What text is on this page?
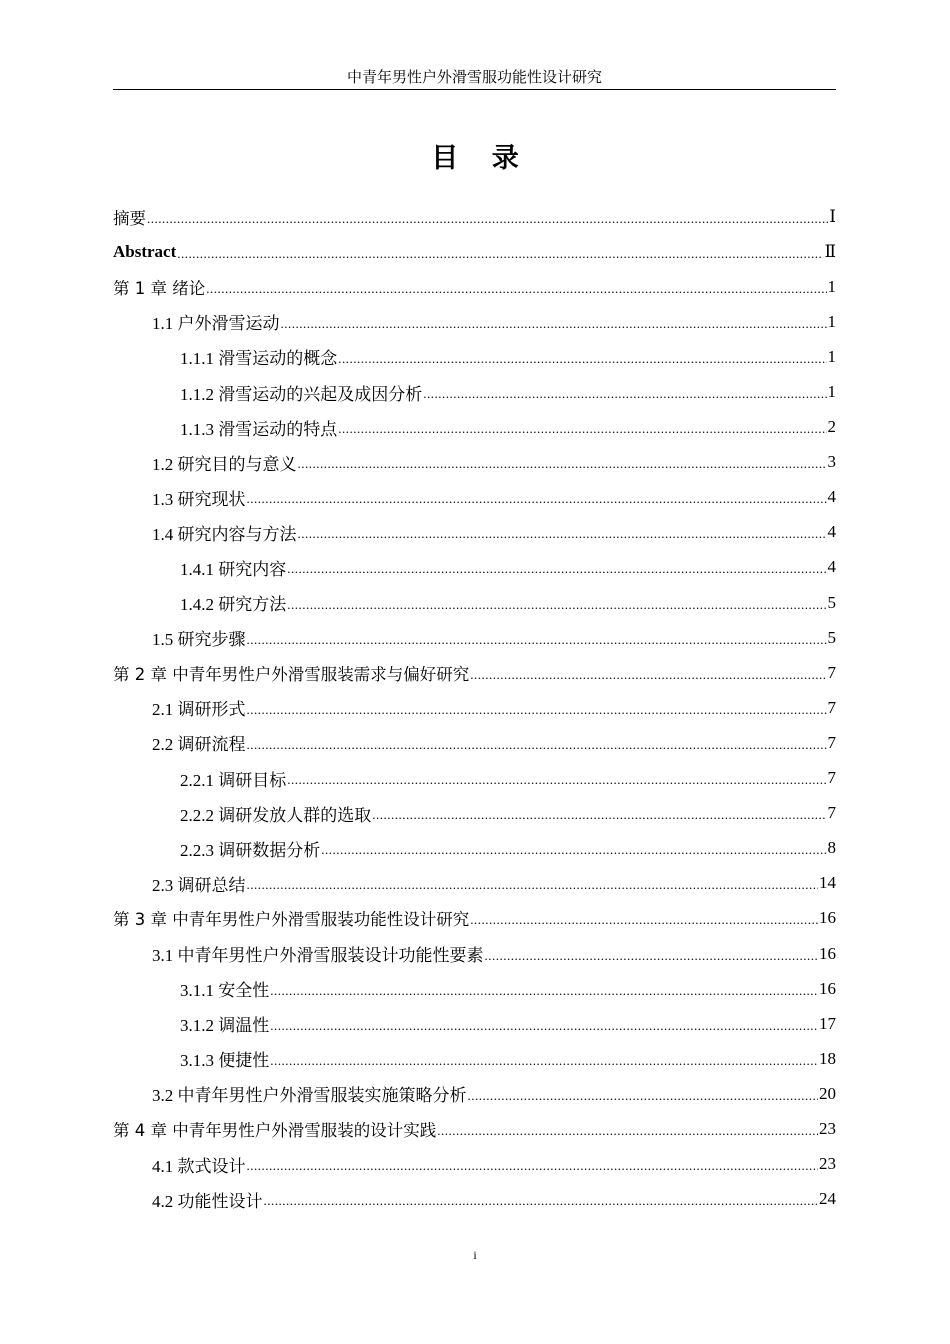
中青年男性户外滑雪服功能性设计研究
目 录
摘要 .....	Ⅰ
Abstract .....	Ⅱ
第 1 章 绪论 .....	1
1.1 户外滑雪运动 .....	1
1.1.1 滑雪运动的概念 .....	1
1.1.2 滑雪运动的兴起及成因分析 .....	1
1.1.3 滑雪运动的特点 .....	2
1.2 研究目的与意义 .....	3
1.3 研究现状 .....	4
1.4 研究内容与方法 .....	4
1.4.1 研究内容 .....	4
1.4.2 研究方法 .....	5
1.5 研究步骤 .....	5
第 2 章 中青年男性户外滑雪服装需求与偏好研究 .....	7
2.1 调研形式 .....	7
2.2 调研流程 .....	7
2.2.1 调研目标 .....	7
2.2.2 调研发放人群的选取 .....	7
2.2.3 调研数据分析 .....	8
2.3 调研总结 .....	14
第 3 章 中青年男性户外滑雪服装功能性设计研究 .....	16
3.1 中青年男性户外滑雪服装设计功能性要素 .....	16
3.1.1 安全性 .....	16
3.1.2 调温性 .....	17
3.1.3 便捷性 .....	18
3.2 中青年男性户外滑雪服装实施策略分析 .....	20
第 4 章 中青年男性户外滑雪服装的设计实践 .....	23
4.1 款式设计 .....	23
4.2 功能性设计 .....	24
i
